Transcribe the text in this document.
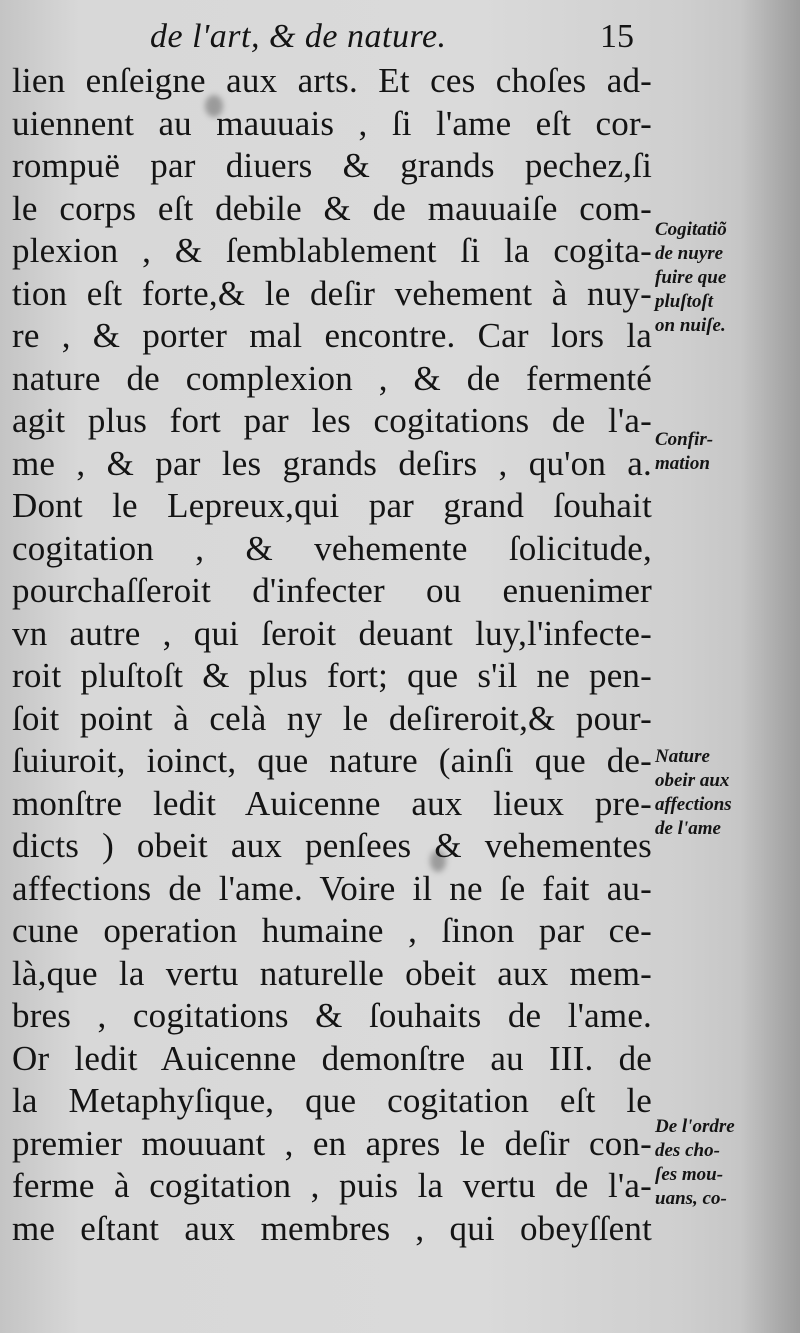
de l'art, & de nature.	15
lien enſeigne aux arts. Et ces choſes ad-
uiennent au mauuais , ſi l'ame eſt cor-
rompuë par diuers & grands pechez,ſi
le corps eſt debile & de mauuaiſe com-
plexion , & ſemblablement ſi la cogita-
tion eſt forte,& le deſir vehement à nuy-
re , & porter mal encontre. Car lors la
nature de complexion , & de fermenté
agit plus fort par les cogitations de l'a-
me , & par les grands deſirs , qu'on a.
Dont le Lepreux,qui par grand ſouhait
cogitation , & vehemente ſolicitude,
pourchaſſeroit d'infecter ou enuenimer
vn autre , qui ſeroit deuant luy,l'infecte-
roit pluſtoſt & plus fort; que s'il ne pen-
ſoit point à celà ny le deſireroit,& pour-
ſuiuroit, ioinct, que nature (ainſi que de-
monſtre ledit Auicenne aux lieux pre-
dicts ) obeit aux penſees & vehementes
affections de l'ame. Voire il ne ſe fait au-
cune operation humaine , ſinon par ce-
là,que la vertu naturelle obeit aux mem-
bres , cogitations & ſouhaits de l'ame.
Or ledit Auicenne demonſtre au III. de
la Metaphyſique, que cogitation eſt le
premier mouuant , en apres le deſir con-
ferme à cogitation , puis la vertu de l'a-
me eſtant aux membres , qui obeyſſent
Cogitatiõ
de nuyre
fuire que
pluſtoſt
on nuiſe.
Confir-
mation
Nature
obeir aux
affections
de l'ame
De l'ordre
des cho-
ſes mou-
uans, co-
